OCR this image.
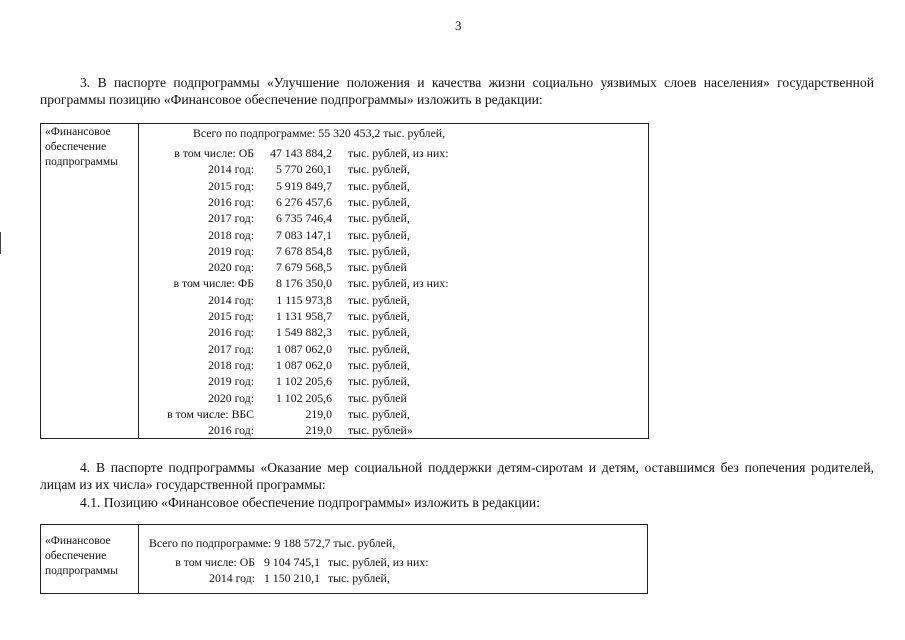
3
3. В паспорте подпрограммы «Улучшение положения и качества жизни социально уязвимых слоев населения» государственной программы позицию «Финансовое обеспечение подпрограммы» изложить в редакции:
«Финансовое
обеспечение
подпрограммы
Всего по подпрограмме: 55 320 453,2 тыс. рублей,
в том числе: ОБ	47 143 884,2 тыс. рублей, из них:
2014 год:	5 770 260,1 тыс. рублей,
2015 год:	5 919 849,7 тыс. рублей,
2016 год:	6 276 457,6 тыс. рублей,
2017 год:	6 735 746,4 тыс. рублей,
2018 год:	7 083 147,1 тыс. рублей,
2019 год:	7 678 854,8 тыс. рублей,
2020 год:	7 679 568,5 тыс. рублей
в том числе: ФБ	8 176 350,0 тыс. рублей, из них:
2014 год:	1 115 973,8 тыс. рублей,
2015 год:	1 131 958,7 тыс. рублей,
2016 год:	1 549 882,3 тыс. рублей,
2017 год:	1 087 062,0 тыс. рублей,
2018 год:	1 087 062,0 тыс. рублей,
2019 год:	1 102 205,6 тыс. рублей,
2020 год:	1 102 205,6 тыс. рублей
в том числе: ВБС	219,0 тыс. рублей,
2016 год:	219,0 тыс. рублей»
4. В паспорте подпрограммы «Оказание мер социальной поддержки детям-сиротам и детям, оставшимся без попечения родителей, лицам из их числа» государственной программы:
4.1. Позицию «Финансовое обеспечение подпрограммы» изложить в редакции:
«Финансовое
обеспечение
подпрограммы
Всего по подпрограмме: 9 188 572,7 тыс. рублей,
в том числе: ОБ 9 104 745,1 тыс. рублей, из них:
2014 год: 1 150 210,1 тыс. рублей,
